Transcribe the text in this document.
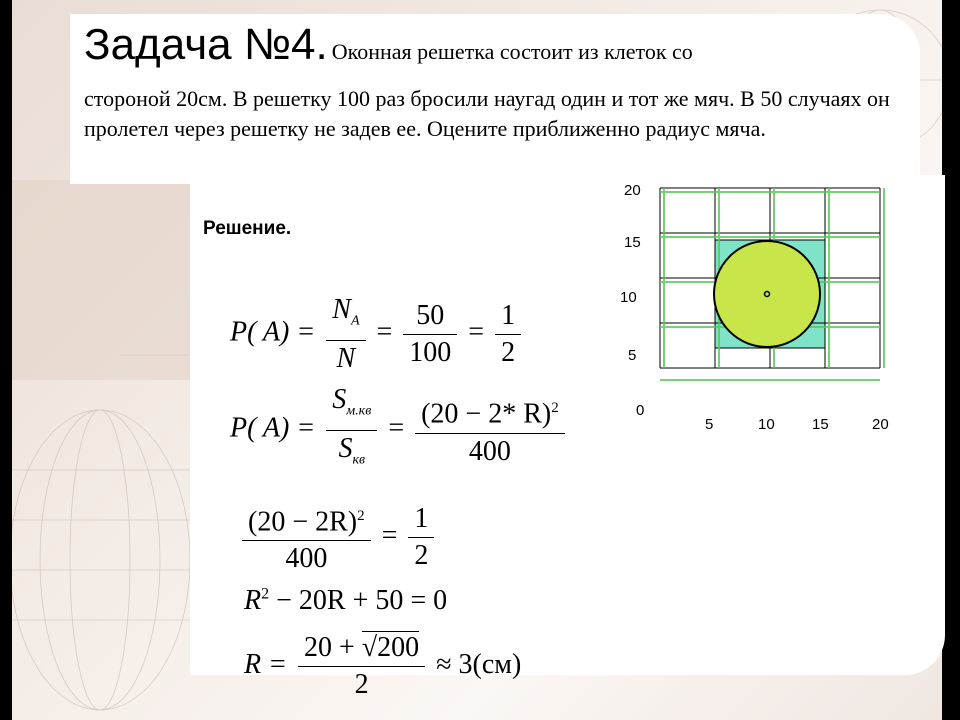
Задача №4. Оконная решетка состоит из клеток со
стороной 20см. В решетку 100 раз бросили наугад один и тот же мяч. В 50 случаях он пролетел через решетку не задев ее. Оцените приближенно радиус мяча.
Решение.
P( $A) = \frac{N_A}{N} = \frac{50}{100} = \frac{1}{2}$
P( $A) = \frac{S_{м.кв}}{S_{кв}} = \frac{(20 - 2* R)^2}{400}$
$\frac{(20 - 2R)^2}{400} = \frac{1}{2}$
$R^2 - 20R + 50 = 0$
$R = \frac{20 + √200}{2} \approx 3(см)$
20
15
10
5
0
5	10 15	20
